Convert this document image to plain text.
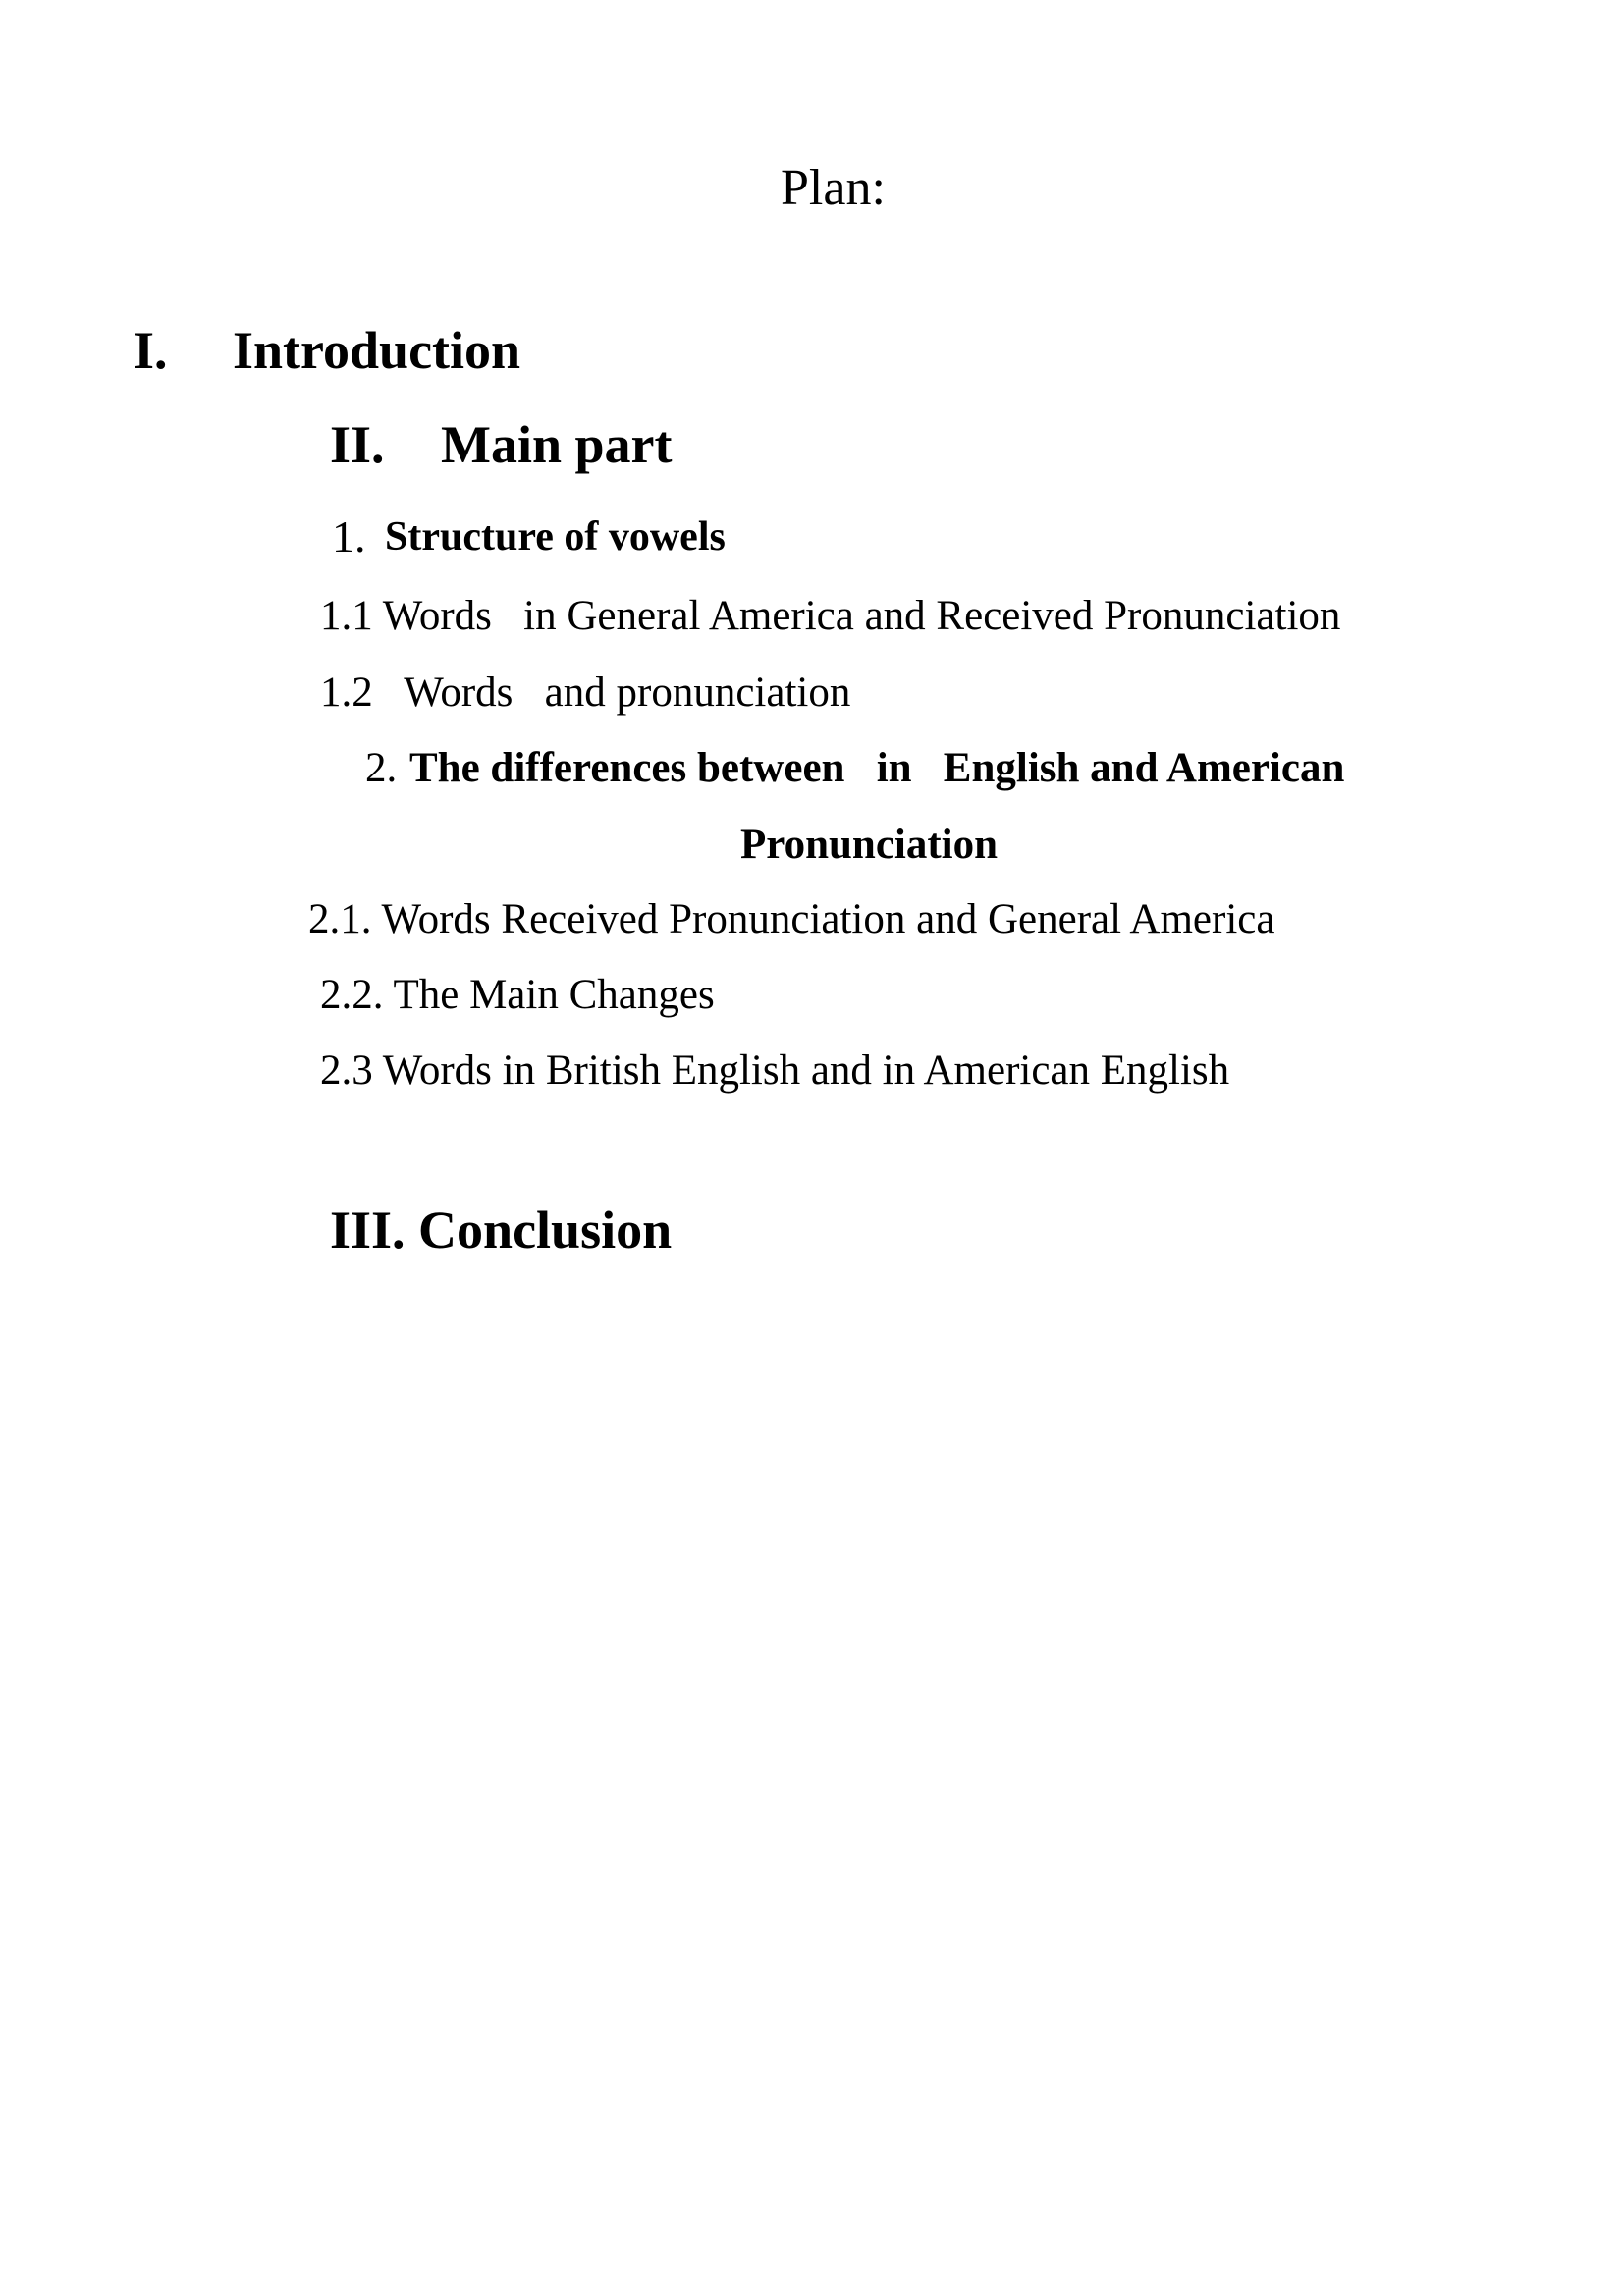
Plan:
I. Introduction
II. Main part
1. Structure of vowels
1.1 Words   in General America and Received Pronunciation
1.2   Words   and pronunciation
2. The differences between   in   English and American
Pronunciation
2.1. Words Received Pronunciation and General America
2.2. The Main Changes
2.3 Words in British English and in American English
III. Conclusion
